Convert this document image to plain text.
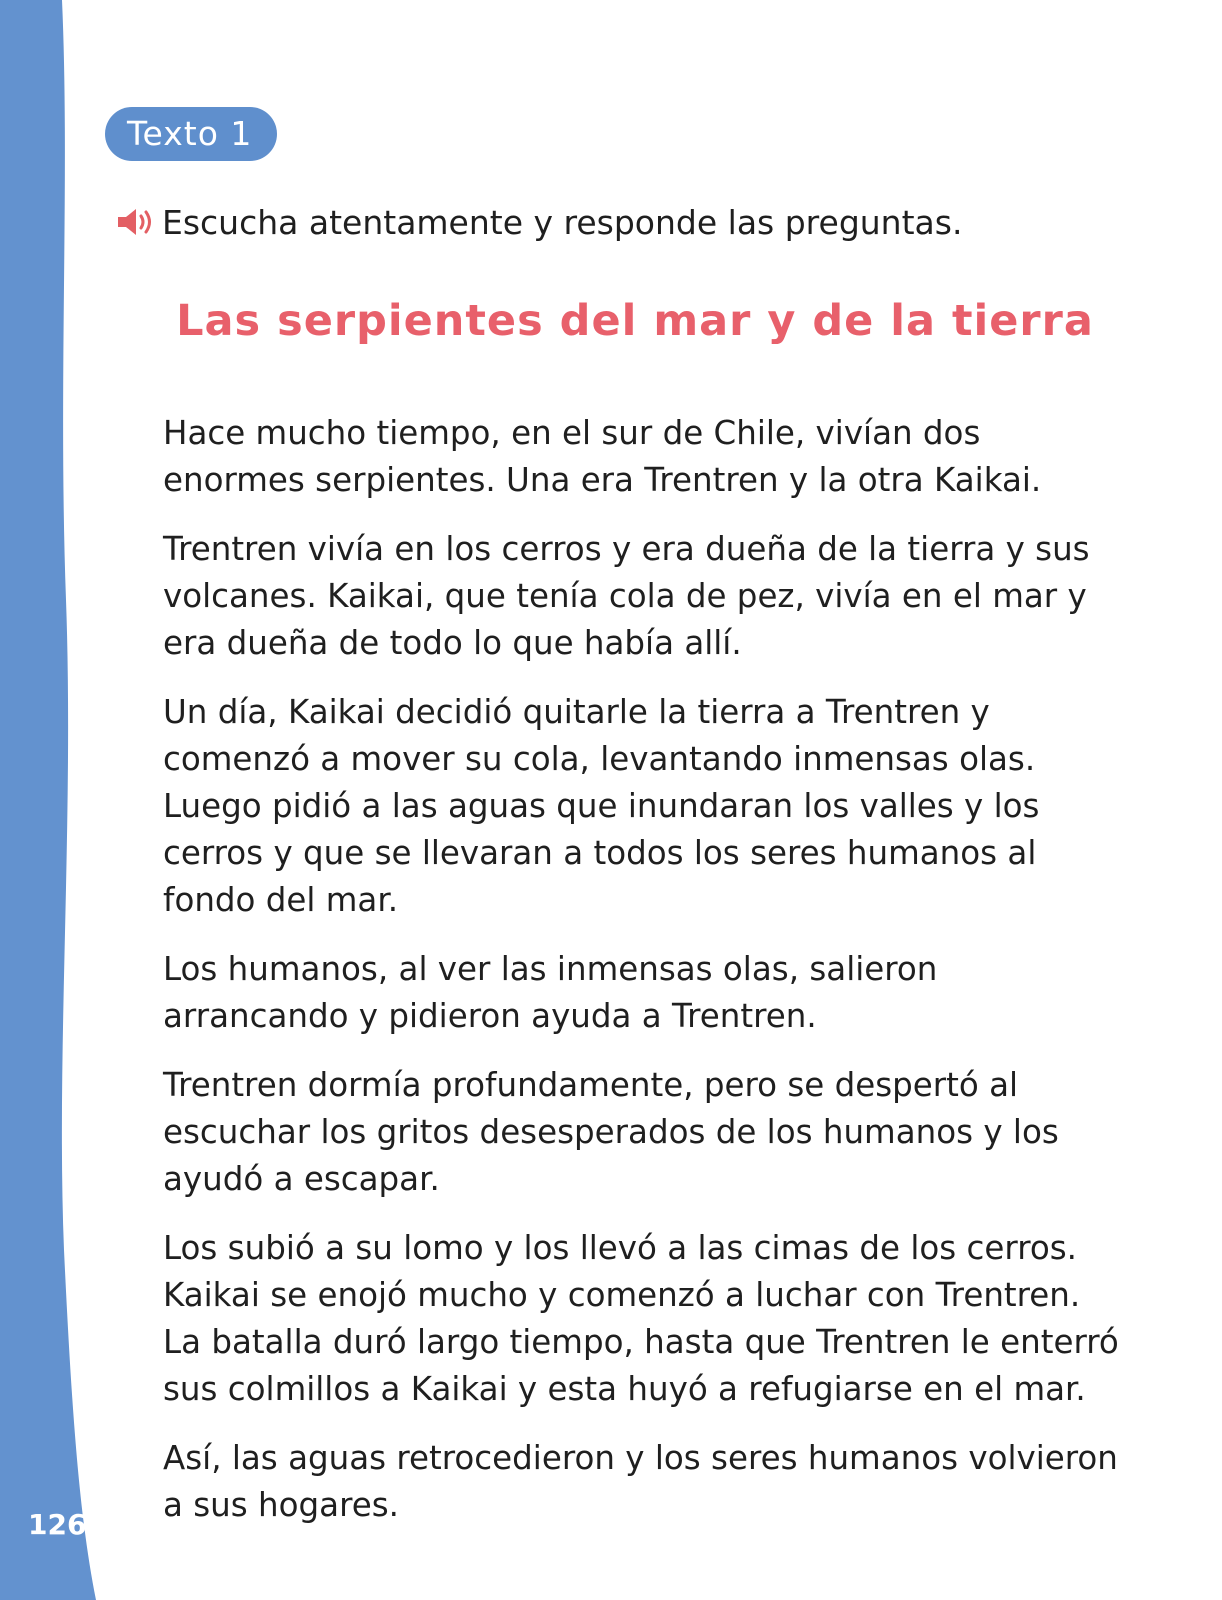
126
Texto 1
Escucha atentamente y responde las preguntas.
Las serpientes del mar y de la tierra

Hace mucho tiempo, en el sur de Chile, vivían dos enormes serpientes. Una era Trentren y la otra Kaikai.

Trentren vivía en los cerros y era dueña de la tierra y sus volcanes. Kaikai, que tenía cola de pez, vivía en el mar y era dueña de todo lo que había allí.

Un día, Kaikai decidió quitarle la tierra a Trentren y comenzó a mover su cola, levantando inmensas olas. Luego pidió a las aguas que inundaran los valles y los cerros y que se llevaran a todos los seres humanos al fondo del mar.

Los humanos, al ver las inmensas olas, salieron arrancando y pidieron ayuda a Trentren.

Trentren dormía profundamente, pero se despertó al escuchar los gritos desesperados de los humanos y los ayudó a escapar.

Los subió a su lomo y los llevó a las cimas de los cerros. Kaikai se enojó mucho y comenzó a luchar con Trentren. La batalla duró largo tiempo, hasta que Trentren le enterró sus colmillos a Kaikai y esta huyó a refugiarse en el mar.

Así, las aguas retrocedieron y los seres humanos volvieron a sus hogares.
